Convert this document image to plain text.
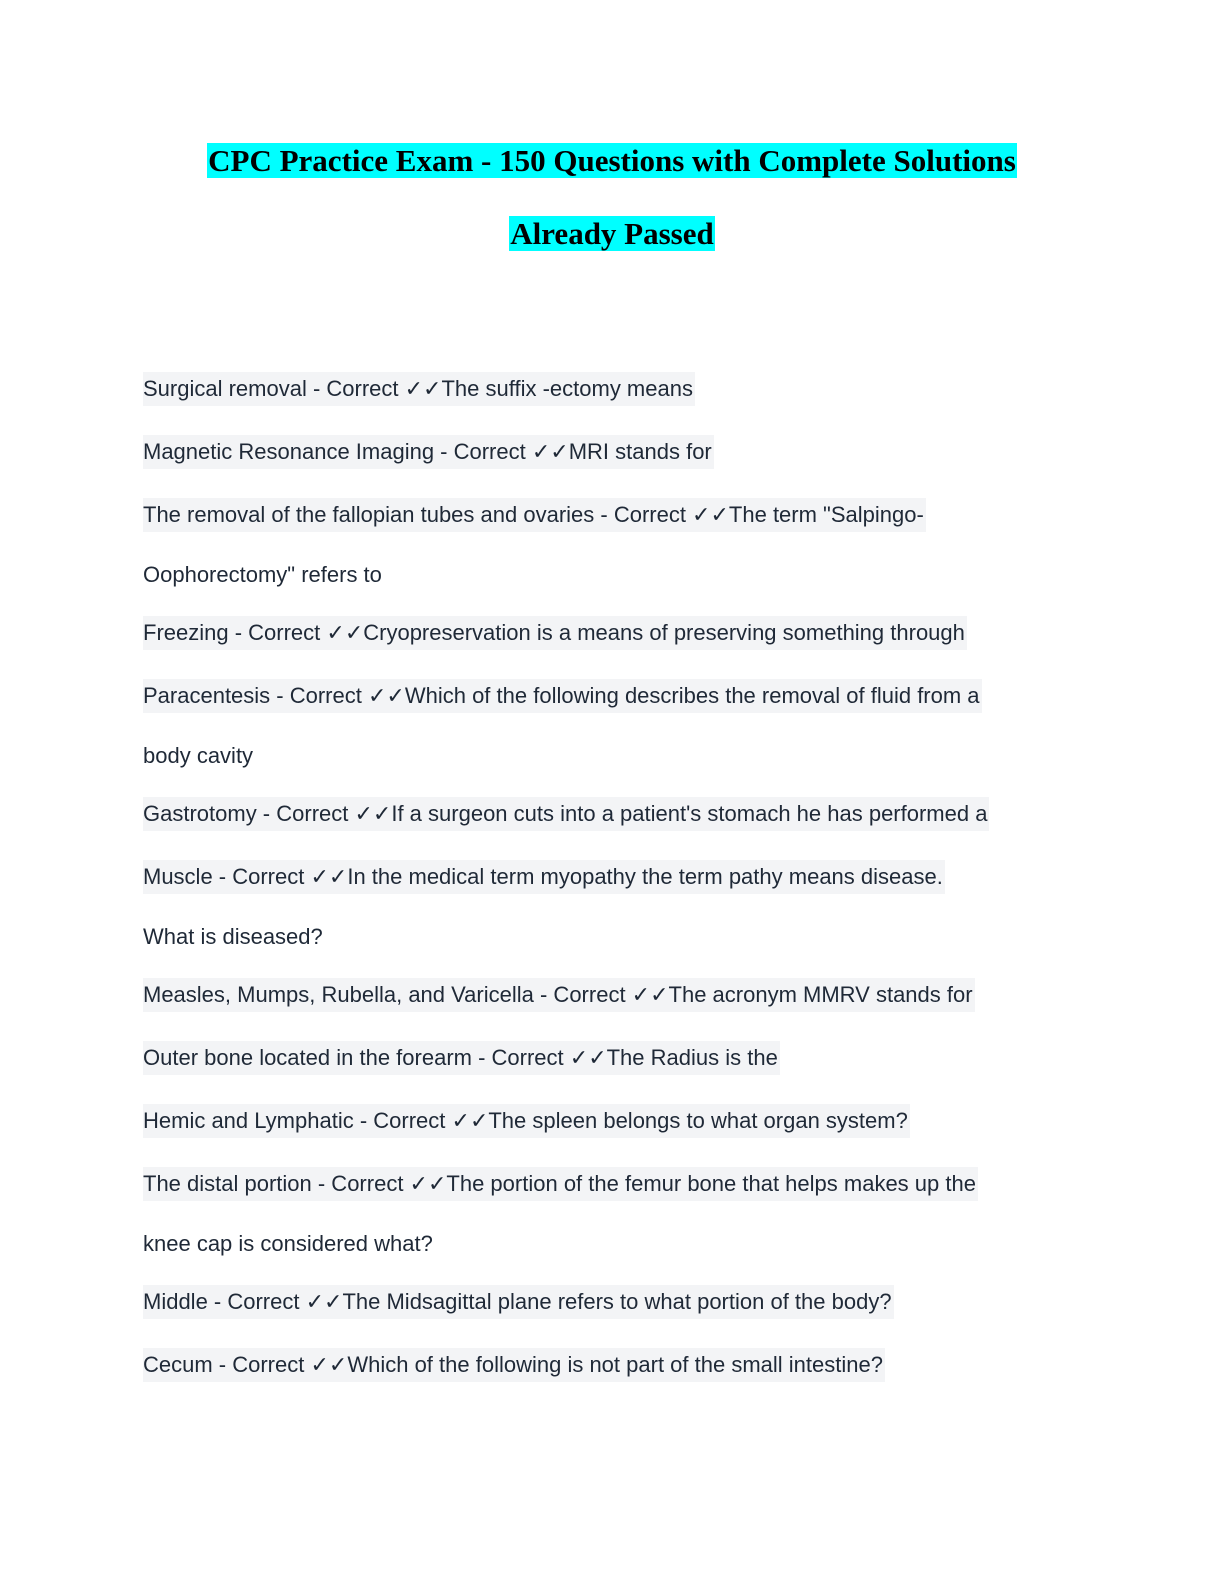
CPC Practice Exam - 150 Questions with Complete Solutions
Already Passed
Surgical removal - Correct ✓✓The suffix -ectomy means
Magnetic Resonance Imaging - Correct ✓✓MRI stands for
The removal of the fallopian tubes and ovaries - Correct ✓✓The term "Salpingo-
Oophorectomy" refers to
Freezing - Correct ✓✓Cryopreservation is a means of preserving something through
Paracentesis - Correct ✓✓Which of the following describes the removal of fluid from a
body cavity
Gastrotomy - Correct ✓✓If a surgeon cuts into a patient's stomach he has performed a
Muscle - Correct ✓✓In the medical term myopathy the term pathy means disease.
What is diseased?
Measles, Mumps, Rubella, and Varicella - Correct ✓✓The acronym MMRV stands for
Outer bone located in the forearm - Correct ✓✓The Radius is the
Hemic and Lymphatic - Correct ✓✓The spleen belongs to what organ system?
The distal portion - Correct ✓✓The portion of the femur bone that helps makes up the
knee cap is considered what?
Middle - Correct ✓✓The Midsagittal plane refers to what portion of the body?
Cecum - Correct ✓✓Which of the following is not part of the small intestine?
